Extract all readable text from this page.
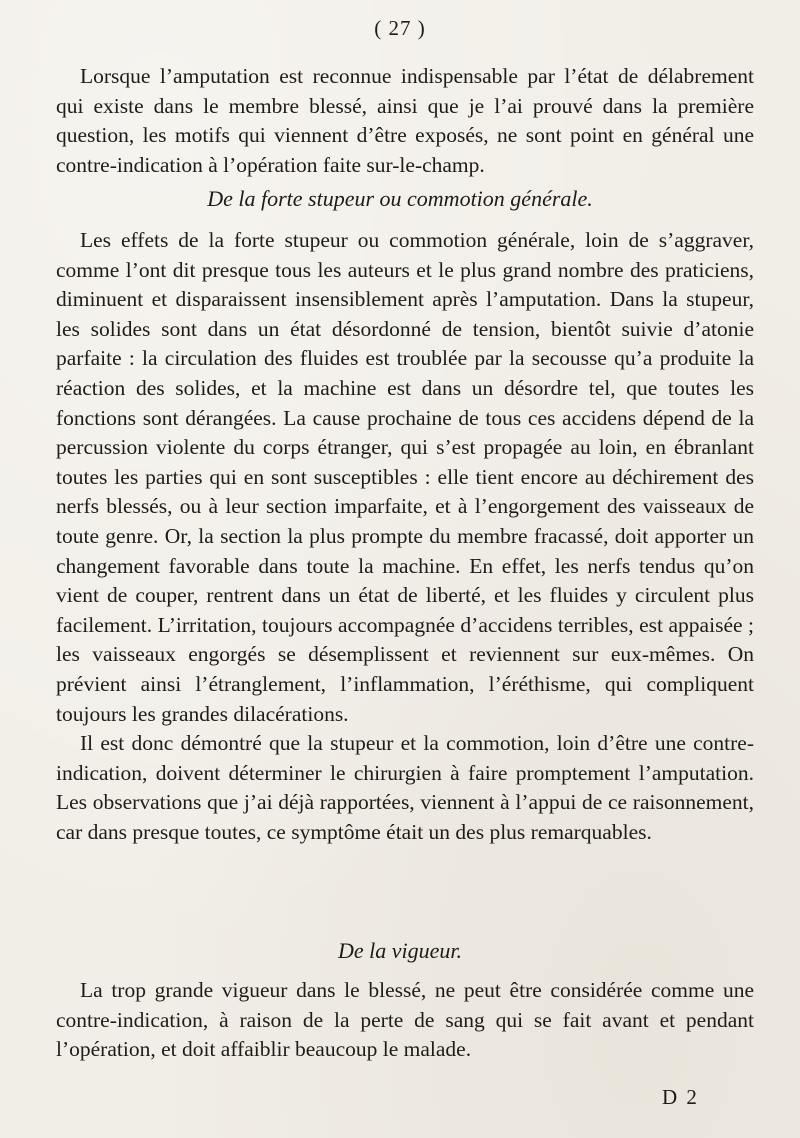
( 27 )

Lorsque l’amputation est reconnue indispensable par l’état de délabrement qui existe dans le membre blessé, ainsi que je l’ai prouvé dans la première question, les motifs qui viennent d’être exposés, ne sont point en général une contre-indication à l’opération faite sur-le-champ.

De la forte stupeur ou commotion générale.

Les effets de la forte stupeur ou commotion générale, loin de s’aggraver, comme l’ont dit presque tous les auteurs et le plus grand nombre des praticiens, diminuent et disparaissent insensiblement après l’amputation. Dans la stupeur, les solides sont dans un état désordonné de tension, bientôt suivie d’atonie parfaite : la circulation des fluides est troublée par la secousse qu’a produite la réaction des solides, et la machine est dans un désordre tel, que toutes les fonctions sont dérangées. La cause prochaine de tous ces accidens dépend de la percussion violente du corps étranger, qui s’est propagée au loin, en ébranlant toutes les parties qui en sont susceptibles : elle tient encore au déchirement des nerfs blessés, ou à leur section imparfaite, et à l’engorgement des vaisseaux de toute genre. Or, la section la plus prompte du membre fracassé, doit apporter un changement favorable dans toute la machine. En effet, les nerfs tendus qu’on vient de couper, rentrent dans un état de liberté, et les fluides y circulent plus facilement. L’irritation, toujours accompagnée d’accidens terribles, est appaisée ; les vaisseaux engorgés se désemplissent et reviennent sur eux-mêmes. On prévient ainsi l’étranglement, l’inflammation, l’éréthisme, qui compliquent toujours les grandes dilacérations.

Il est donc démontré que la stupeur et la commotion, loin d’être une contre-indication, doivent déterminer le chirurgien à faire promptement l’amputation. Les observations que j’ai déjà rapportées, viennent à l’appui de ce raisonnement, car dans presque toutes, ce symptôme était un des plus remarquables.

De la vigueur.

La trop grande vigueur dans le blessé, ne peut être considérée comme une contre-indication, à raison de la perte de sang qui se fait avant et pendant l’opération, et doit affaiblir beaucoup le malade.

D 2
